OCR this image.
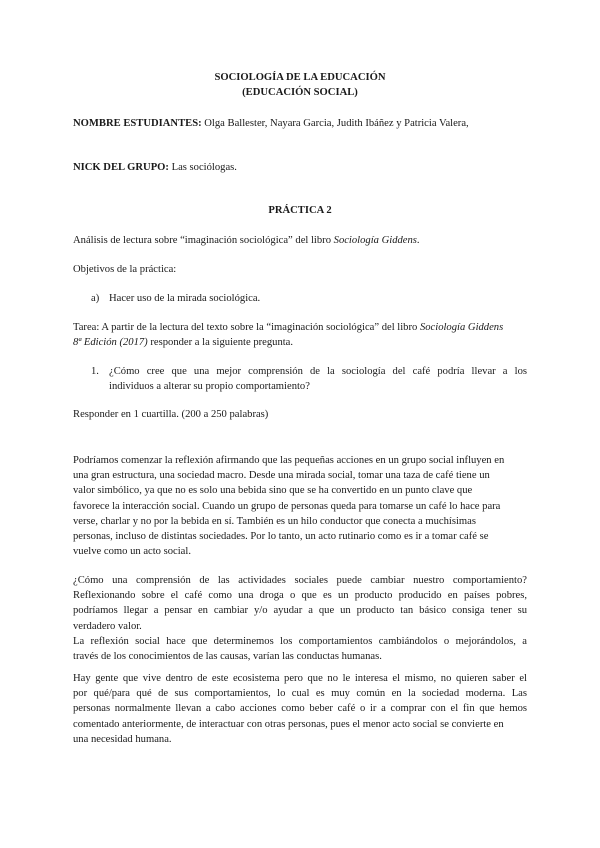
SOCIOLOGÍA DE LA EDUCACIÓN
(EDUCACIÓN SOCIAL)
NOMBRE ESTUDIANTES: Olga Ballester, Nayara Garcia, Judith Ibáñez y Patricia Valera,
NICK DEL GRUPO: Las sociólogas.
PRÁCTICA 2
Análisis de lectura sobre “imaginación sociológica” del libro Sociología Giddens.
Objetivos de la práctica:
a) Hacer uso de la mirada sociológica.
Tarea: A partir de la lectura del texto sobre la “imaginación sociológica” del libro Sociología Giddens
8ª Edición (2017) responder a la siguiente pregunta.
1. ¿Cómo cree que una mejor comprensión de la sociología del café podría llevar a los
individuos a alterar su propio comportamiento?
Responder en 1 cuartilla. (200 a 250 palabras)
Podríamos comenzar la reflexión afirmando que las pequeñas acciones en un grupo social influyen en
una gran estructura, una sociedad macro. Desde una mirada social, tomar una taza de café tiene un
valor simbólico, ya que no es solo una bebida sino que se ha convertido en un punto clave que
favorece la interacción social. Cuando un grupo de personas queda para tomarse un café lo hace para
verse, charlar y no por la bebida en sí. También es un hilo conductor que conecta a muchísimas
personas, incluso de distintas sociedades. Por lo tanto, un acto rutinario como es ir a tomar café se
vuelve como un acto social.
¿Cómo una comprensión de las actividades sociales puede cambiar nuestro comportamiento?
Reflexionando sobre el café como una droga o que es un producto producido en países pobres,
podríamos llegar a pensar en cambiar y/o ayudar a que un producto tan básico consiga tener su
verdadero valor.
La reflexión social hace que determinemos los comportamientos cambiándolos o mejorándolos, a
través de los conocimientos de las causas, varían las conductas humanas.
Hay gente que vive dentro de este ecosistema pero que no le interesa el mismo, no quieren saber el
por qué/para qué de sus comportamientos, lo cual es muy común en la sociedad moderna. Las
personas normalmente llevan a cabo acciones como beber café o ir a comprar con el fin que hemos
comentado anteriormente, de interactuar con otras personas, pues el menor acto social se convierte en
una necesidad humana.
